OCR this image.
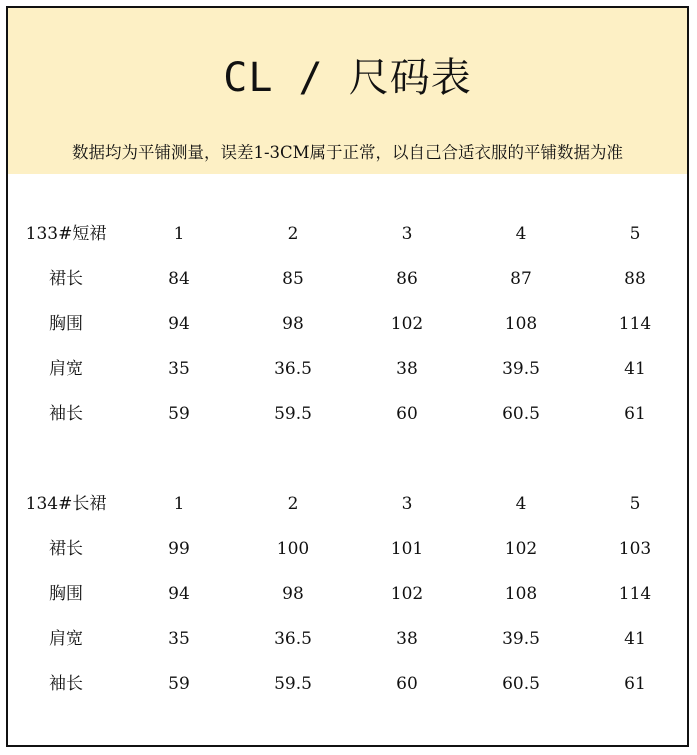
CL / 尺码表
数据均为平铺测量，误差1-3CM属于正常，以自己合适衣服的平铺数据为准
133#短裙	1	2	3	4	5
裙长	84	85	86	87	88
胸围	94	98	102	108	114
肩宽	35	36.5	38	39.5	41
袖长	59	59.5	60	60.5	61
134#长裙	1	2	3	4	5
裙长	99	100	101	102	103
胸围	94	98	102	108	114
肩宽	35	36.5	38	39.5	41
袖长	59	59.5	60	60.5	61
